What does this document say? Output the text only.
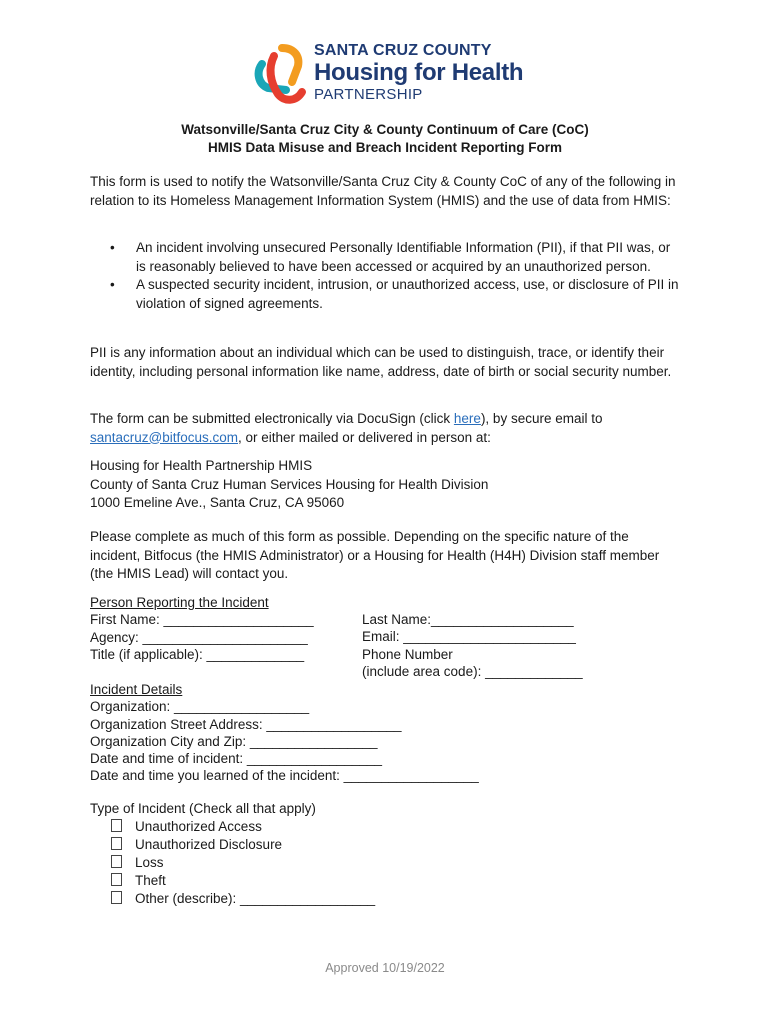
SANTA CRUZ COUNTY
Housing for Health
PARTNERSHIP
Watsonville/Santa Cruz City & County Continuum of Care (CoC)
HMIS Data Misuse and Breach Incident Reporting Form
This form is used to notify the Watsonville/Santa Cruz City & County CoC of any of the following in relation to its Homeless Management Information System (HMIS) and the use of data from HMIS:
• An incident involving unsecured Personally Identifiable Information (PII), if that PII was, or is reasonably believed to have been accessed or acquired by an unauthorized person.
• A suspected security incident, intrusion, or unauthorized access, use, or disclosure of PII in violation of signed agreements.
PII is any information about an individual which can be used to distinguish, trace, or identify their identity, including personal information like name, address, date of birth or social security number.
The form can be submitted electronically via DocuSign (click here), by secure email to
santacruz@bitfocus.com, or either mailed or delivered in person at:
Housing for Health Partnership HMIS
County of Santa Cruz Human Services Housing for Health Division
1000 Emeline Ave., Santa Cruz, CA 95060
Please complete as much of this form as possible. Depending on the specific nature of the incident, Bitfocus (the HMIS Administrator) or a Housing for Health (H4H) Division staff member (the HMIS Lead) will contact you.
Person Reporting the Incident
First Name: ____________________
Agency: ______________________
Title (if applicable): _____________
Last Name:___________________
Email: _______________________
Phone Number
(include area code): _____________
Incident Details
Organization: __________________
Organization Street Address: __________________
Organization City and Zip: _________________
Date and time of incident: __________________
Date and time you learned of the incident: __________________
Type of Incident (Check all that apply)
Unauthorized Access
Unauthorized Disclosure
Loss
Theft
Other (describe): __________________
Approved 10/19/2022
